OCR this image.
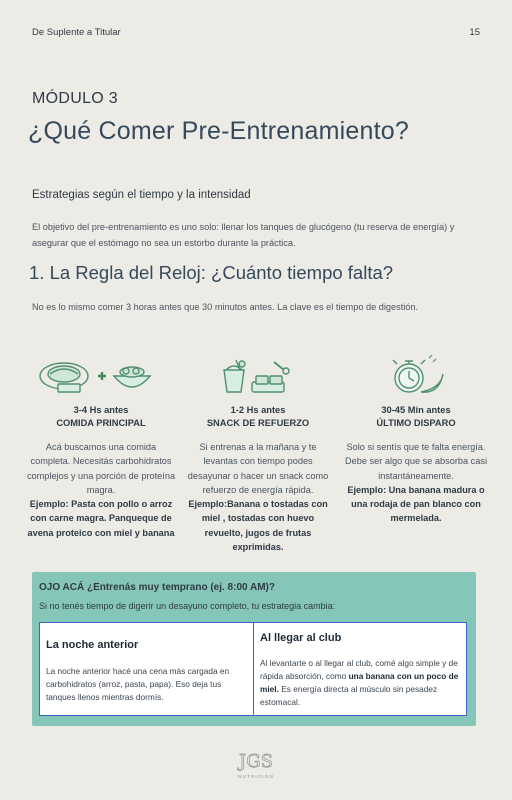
De Suplente a Titular	15
MÓDULO 3
¿Qué Comer Pre-Entrenamiento?
Estrategias según el tiempo y la intensidad
El objetivo del pre-entrenamiento es uno solo: llenar los tanques de glucógeno (tu reserva de energía) y asegurar que el estómago no sea un estorbo durante la práctica.
1. La Regla del Reloj: ¿Cuánto tiempo falta?
No es lo mismo comer 3 horas antes que 30 minutos antes. La clave es el tiempo de digestión.
3-4 Hs antes
COMIDA PRINCIPAL
Acá buscamos una comida completa. Necesitás carbohidratos complejos y una porción de proteína magra.
Ejemplo: Pasta con pollo o arroz con carne magra. Panqueque de avena proteico con miel y banana
1-2 Hs antes
SNACK DE REFUERZO
Si entrenas a la mañana y te levantas con tiempo podes desayunar o hacer un snack como refuerzo de energía rápida.
Ejemplo:Banana o tostadas con miel , tostadas con huevo revuelto, jugos de frutas exprimidas.
30-45 Min antes
ÚLTIMO DISPARO
Solo si sentís que te falta energía. Debe ser algo que se absorba casi instantáneamente.
Ejemplo: Una banana madura o una rodaja de pan blanco con mermelada.
OJO ACÁ ¿Entrenás muy temprano (ej. 8:00 AM)?
Si no tenés tiempo de digerir un desayuno completo, tu estrategia cambia:
La noche anterior
La noche anterior hacé una cena más cargada en carbohidratos (arroz, pasta, papa). Eso deja tus tanques llenos mientras dormís.
Al llegar al club
Al levantarte o al llegar al club, comé algo simple y de rápida absorción, como una banana con un poco de miel. Es energía directa al músculo sin pesadez estomacal.
JGS
NUTRICION
